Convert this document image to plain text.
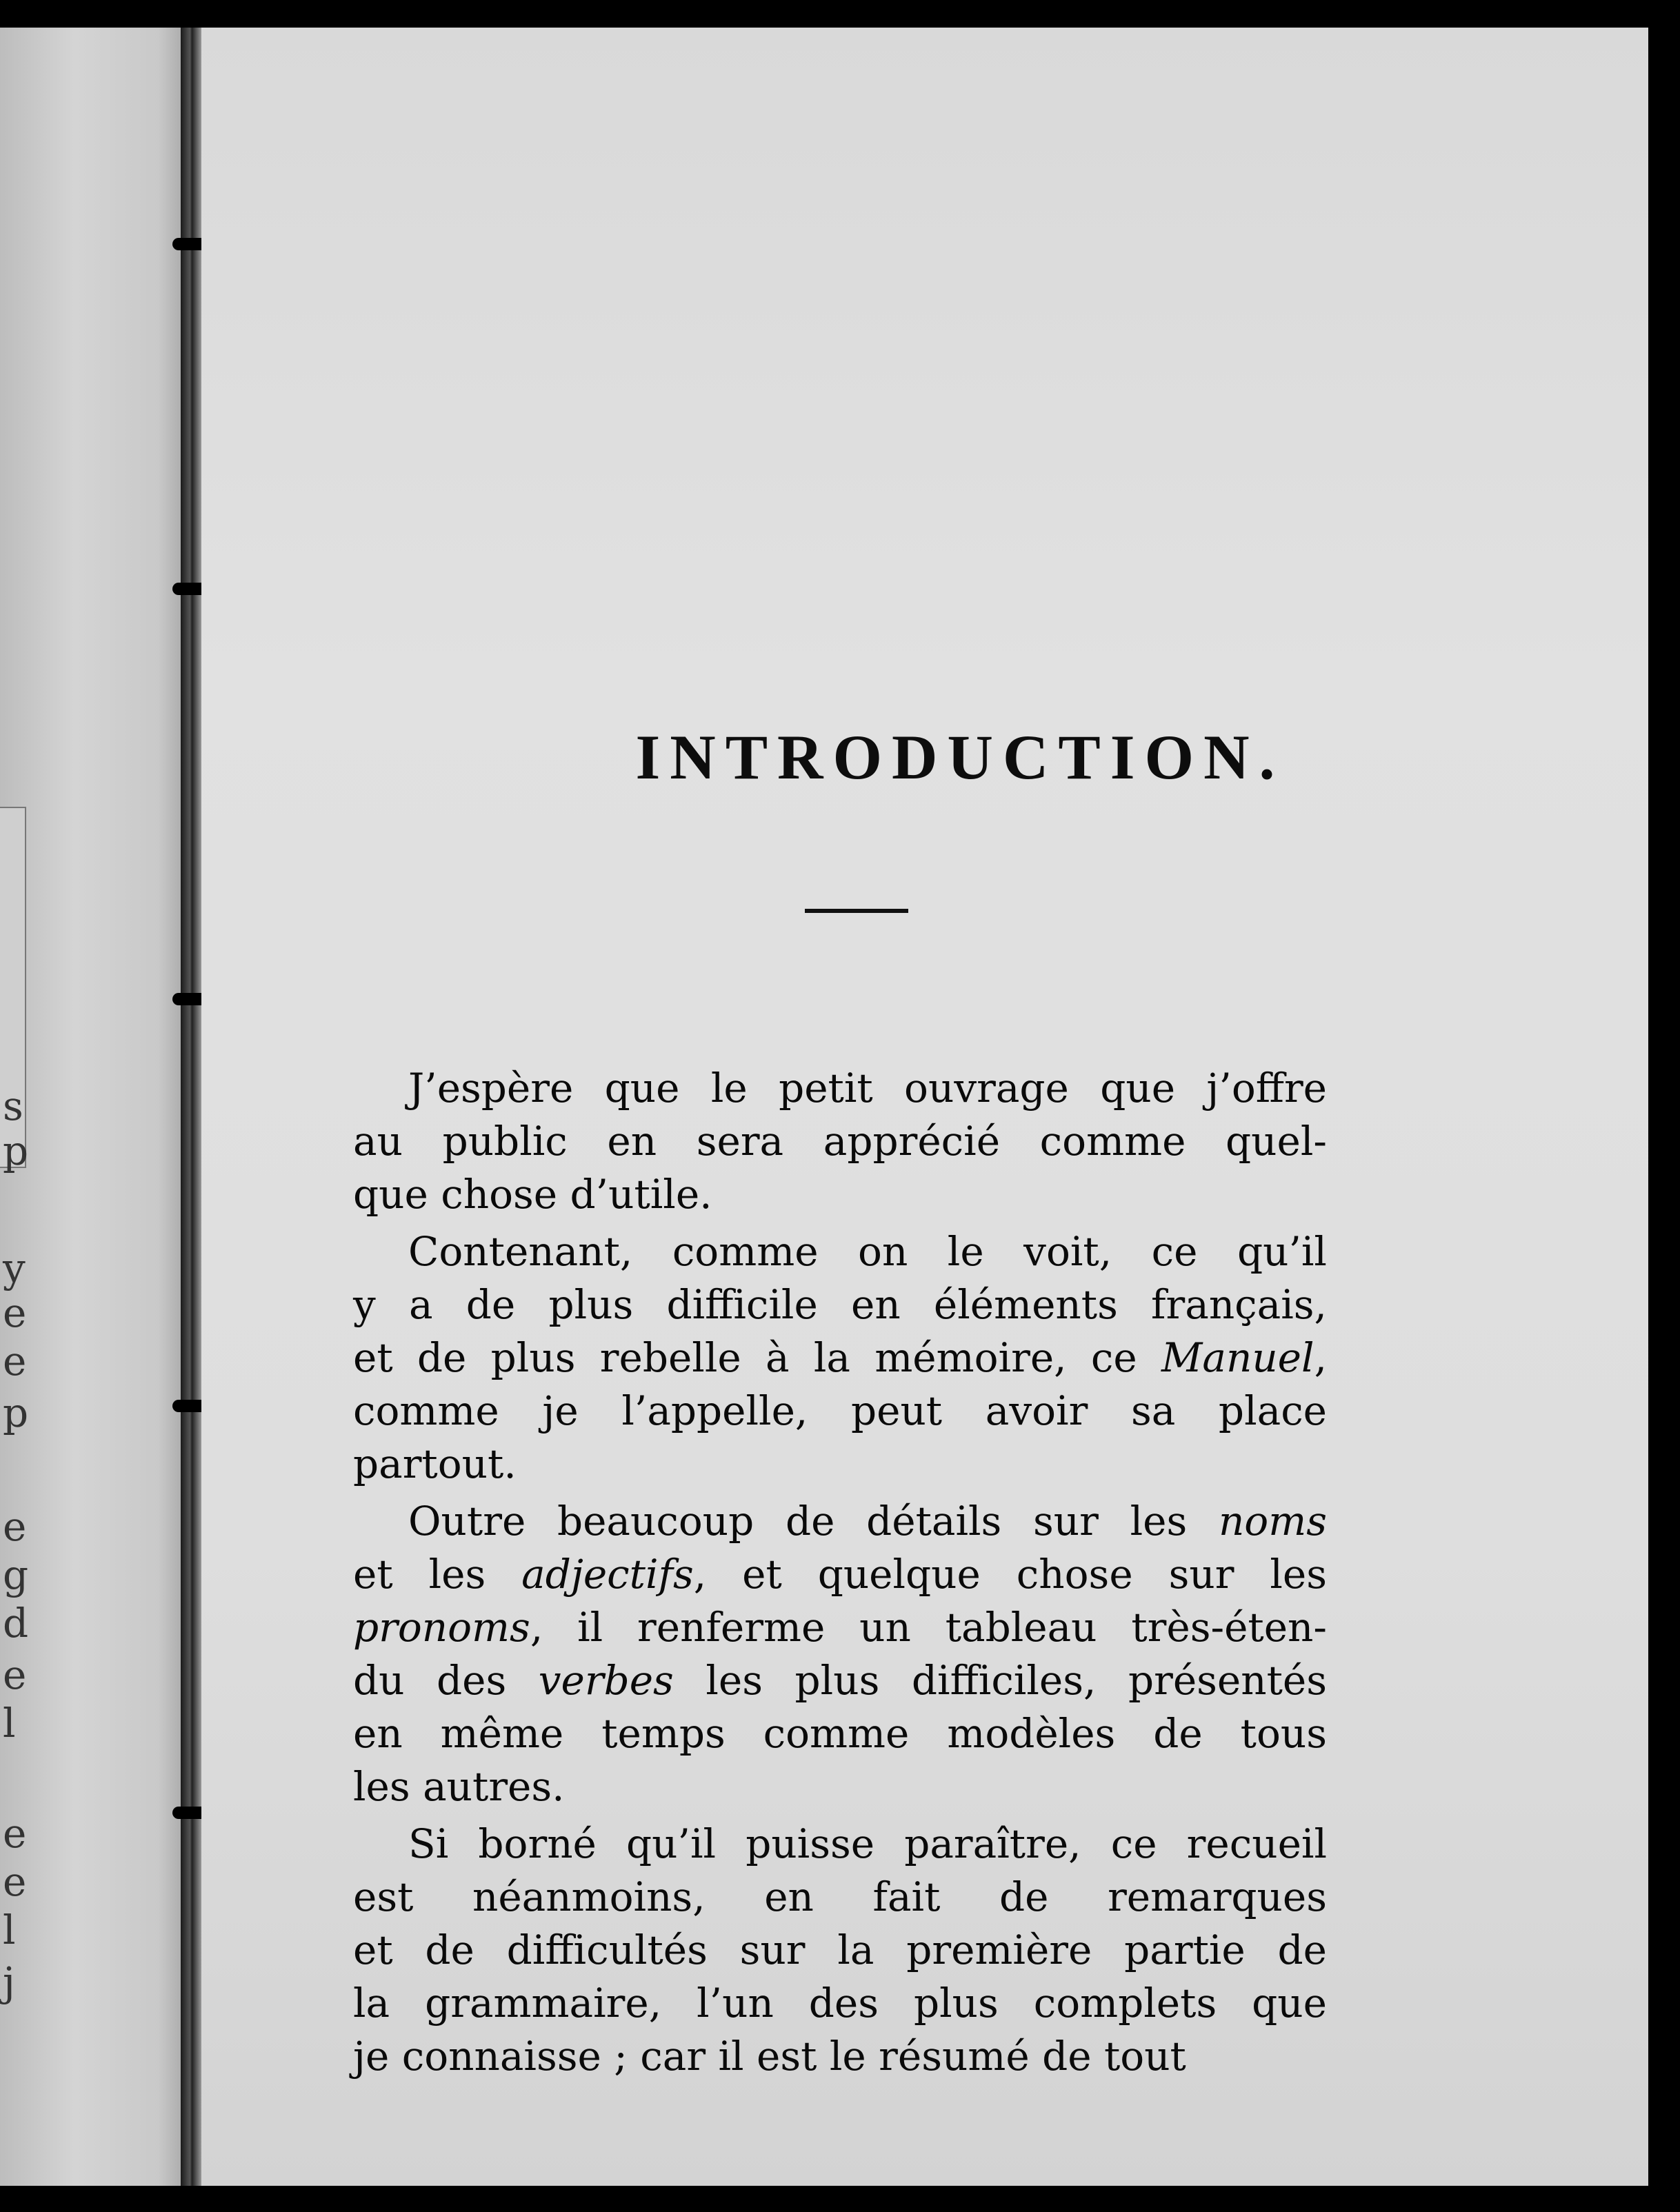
s
p
y
e
e
p
e
g
d
e
l
e
e
l
j
INTRODUCTION.
J’espère que le petit ouvrage que j’offre
au public en sera apprécié comme quel-
que chose d’utile.
Contenant, comme on le voit, ce qu’il
y a de plus difficile en éléments français,
et de plus rebelle à la mémoire, ce Manuel,
comme je l’appelle, peut avoir sa place
partout.
Outre beaucoup de détails sur les noms
et les adjectifs, et quelque chose sur les
pronoms, il renferme un tableau très-éten-
du des verbes les plus difficiles, présentés
en même temps comme modèles de tous
les autres.
Si borné qu’il puisse paraître, ce recueil
est néanmoins, en fait de remarques
et de difficultés sur la première partie de
la grammaire, l’un des plus complets que
je connaisse ; car il est le résumé de tout
